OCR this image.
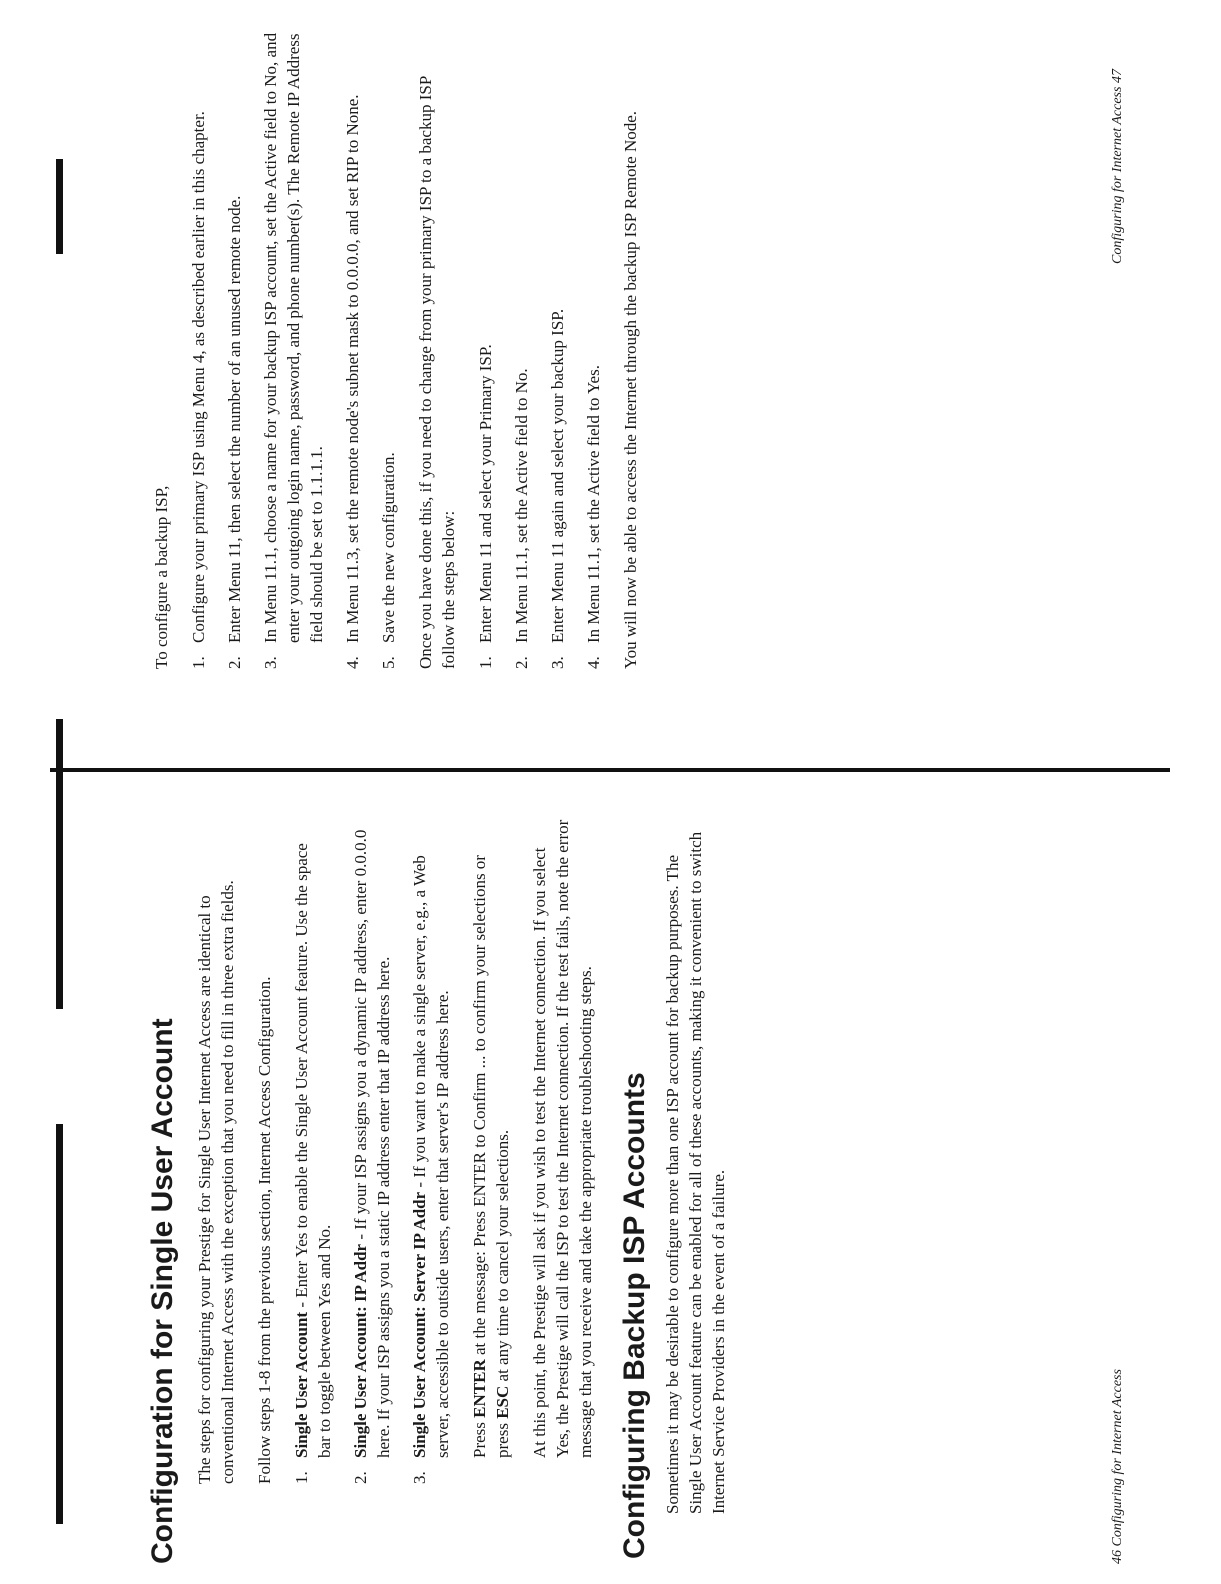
Configuration for Single User Account The steps for configuring your Prestige for Single User Internet Access are identical to conventional Internet Access with the exception that you need to fill in three extra fields. Follow steps 1-8 from the previous section, Internet Access Configuration. 1.
Single User Account - Enter Yes to enable the Single User Account feature. Use the space bar to toggle between Yes and No.
2.
Single User Account: IP Addr - If your ISP assigns you a dynamic IP address, enter 0.0.0.0 here. If your ISP assigns you a static IP address enter that IP address here.
3.
Single User Account: Server IP Addr - If you want to make a single server, e.g., a Web server, accessible to outside users, enter that server's IP address here. Press ENTER at the message: Press ENTER to Confirm ... to confirm your selections or press ESC at any time to cancel your selections. At this point, the Prestige will ask if you wish to test the Internet connection. If you select Yes, the Prestige will call the ISP to test the Internet connection. If the test fails, note the error message that you receive and take the appropriate troubleshooting steps. Configuring Backup ISP Accounts Sometimes it may be desirable to configure more than one ISP account for backup purposes. The Single User Account feature can be enabled for all of these accounts, making it convenient to switch Internet Service Providers in the event of a failure.	46 Configuring for Internet Access

To configure a backup ISP, 1.
Configure your primary ISP using Menu 4, as described earlier in this chapter.
2.
Enter Menu 11, then select the number of an unused remote node.
3.
In Menu 11.1, choose a name for your backup ISP account, set the Active field to No, and enter your outgoing login name, password, and phone number(s). The Remote IP Address field should be set to 1.1.1.1.
4.
In Menu 11.3, set the remote node's subnet mask to 0.0.0.0, and set RIP to None.
5.
Save the new configuration. Once you have done this, if you need to change from your primary ISP to a backup ISP follow the steps below: 1.
Enter Menu 11 and select your Primary ISP.
2.
In Menu 11.1, set the Active field to No.
3.
Enter Menu 11 again and select your backup ISP.
4.
In Menu 11.1, set the Active field to Yes. You will now be able to access the Internet through the backup ISP Remote Node.	Configuring for Internet Access 47
